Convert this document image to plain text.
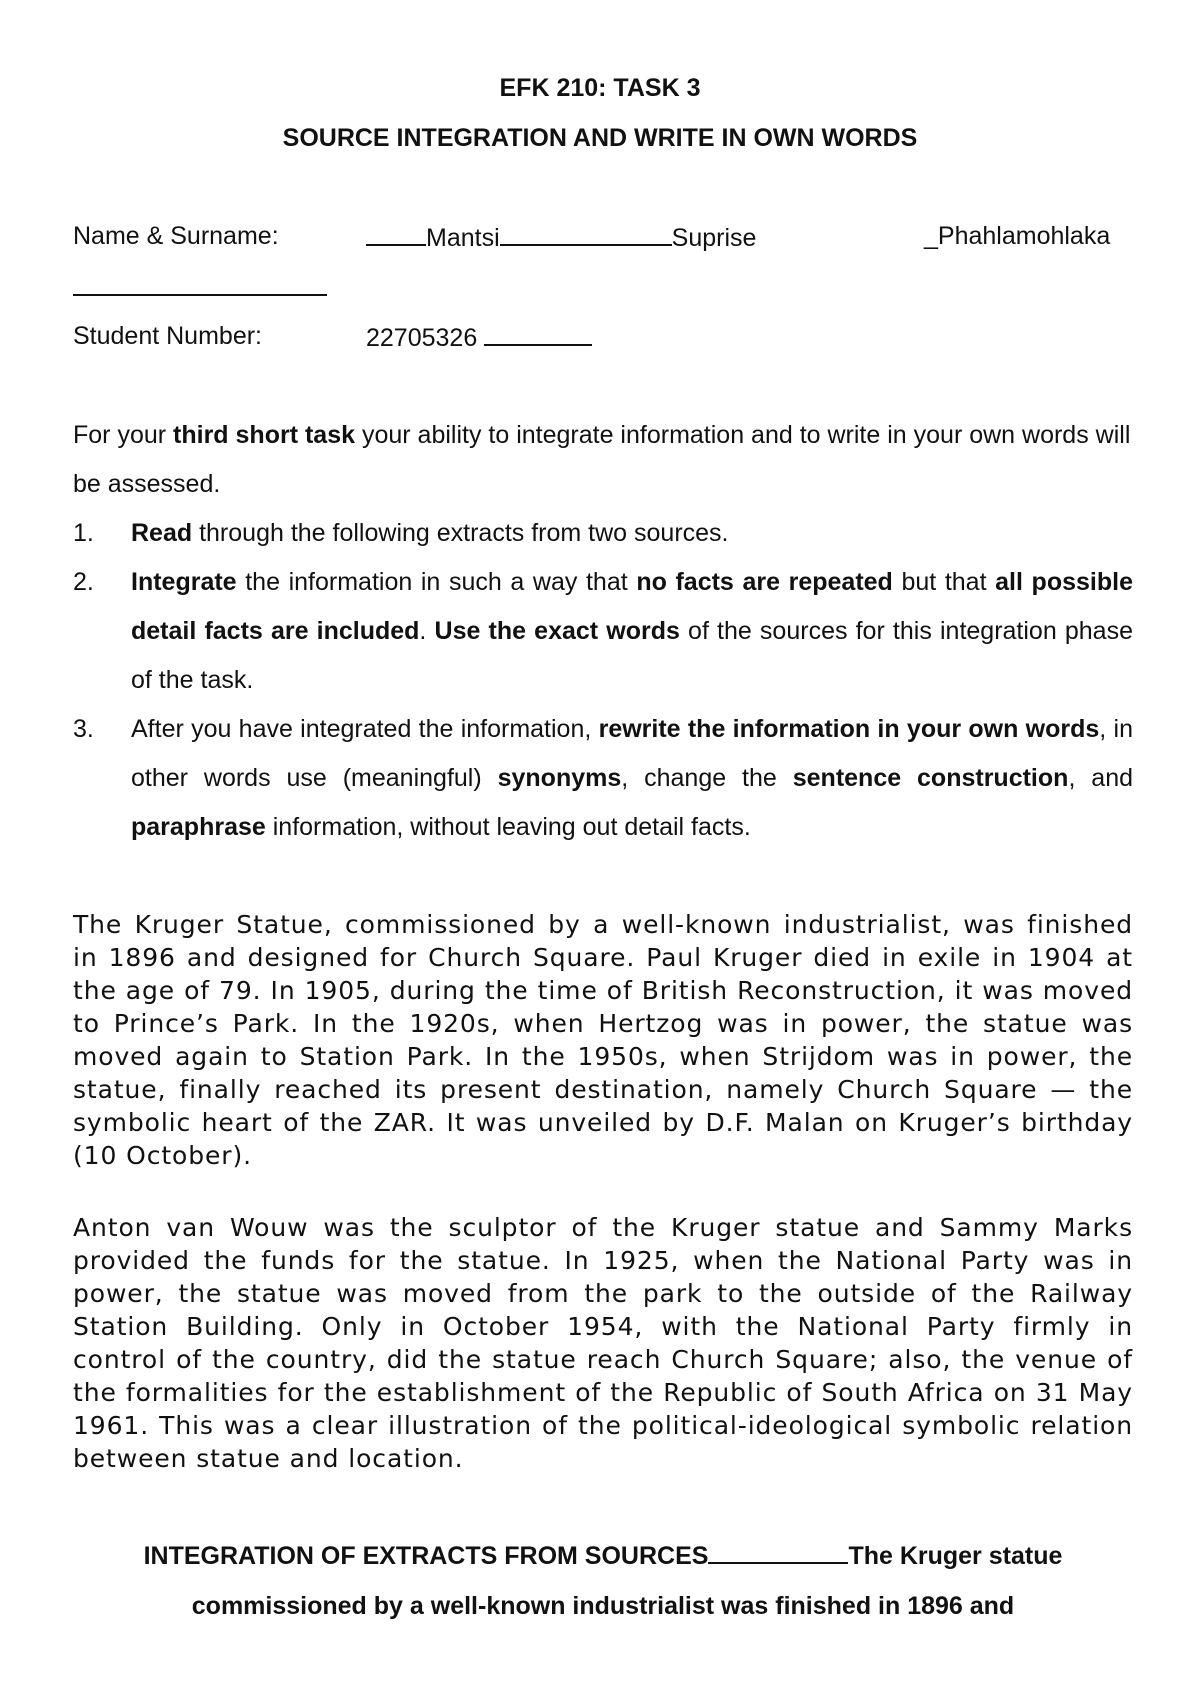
EFK 210: TASK 3
SOURCE INTEGRATION AND WRITE IN OWN WORDS
Name & Surname:	Mantsi	Suprise	_Phahlamohlaka
Student Number:	22705326

For your third short task your ability to integrate information and to write in your own words will be assessed.

1. Read through the following extracts from two sources.
2. Integrate the information in such a way that no facts are repeated but that all possible detail facts are included. Use the exact words of the sources for this integration phase of the task.
3. After you have integrated the information, rewrite the information in your own words, in other words use (meaningful) synonyms, change the sentence construction, and paraphrase information, without leaving out detail facts.

The Kruger Statue, commissioned by a well-known industrialist, was finished in 1896 and designed for Church Square. Paul Kruger died in exile in 1904 at the age of 79. In 1905, during the time of British Reconstruction, it was moved to Prince’s Park. In the 1920s, when Hertzog was in power, the statue was moved again to Station Park. In the 1950s, when Strijdom was in power, the statue, finally reached its present destination, namely Church Square — the symbolic heart of the ZAR. It was unveiled by D.F. Malan on Kruger’s birthday (10 October).

Anton van Wouw was the sculptor of the Kruger statue and Sammy Marks provided the funds for the statue. In 1925, when the National Party was in power, the statue was moved from the park to the outside of the Railway Station Building. Only in October 1954, with the National Party firmly in control of the country, did the statue reach Church Square; also, the venue of the formalities for the establishment of the Republic of South Africa on 31 May 1961. This was a clear illustration of the political-ideological symbolic relation between statue and location.

INTEGRATION OF EXTRACTS FROM SOURCES	The Kruger statue commissioned by a well-known industrialist was finished in 1896 and
